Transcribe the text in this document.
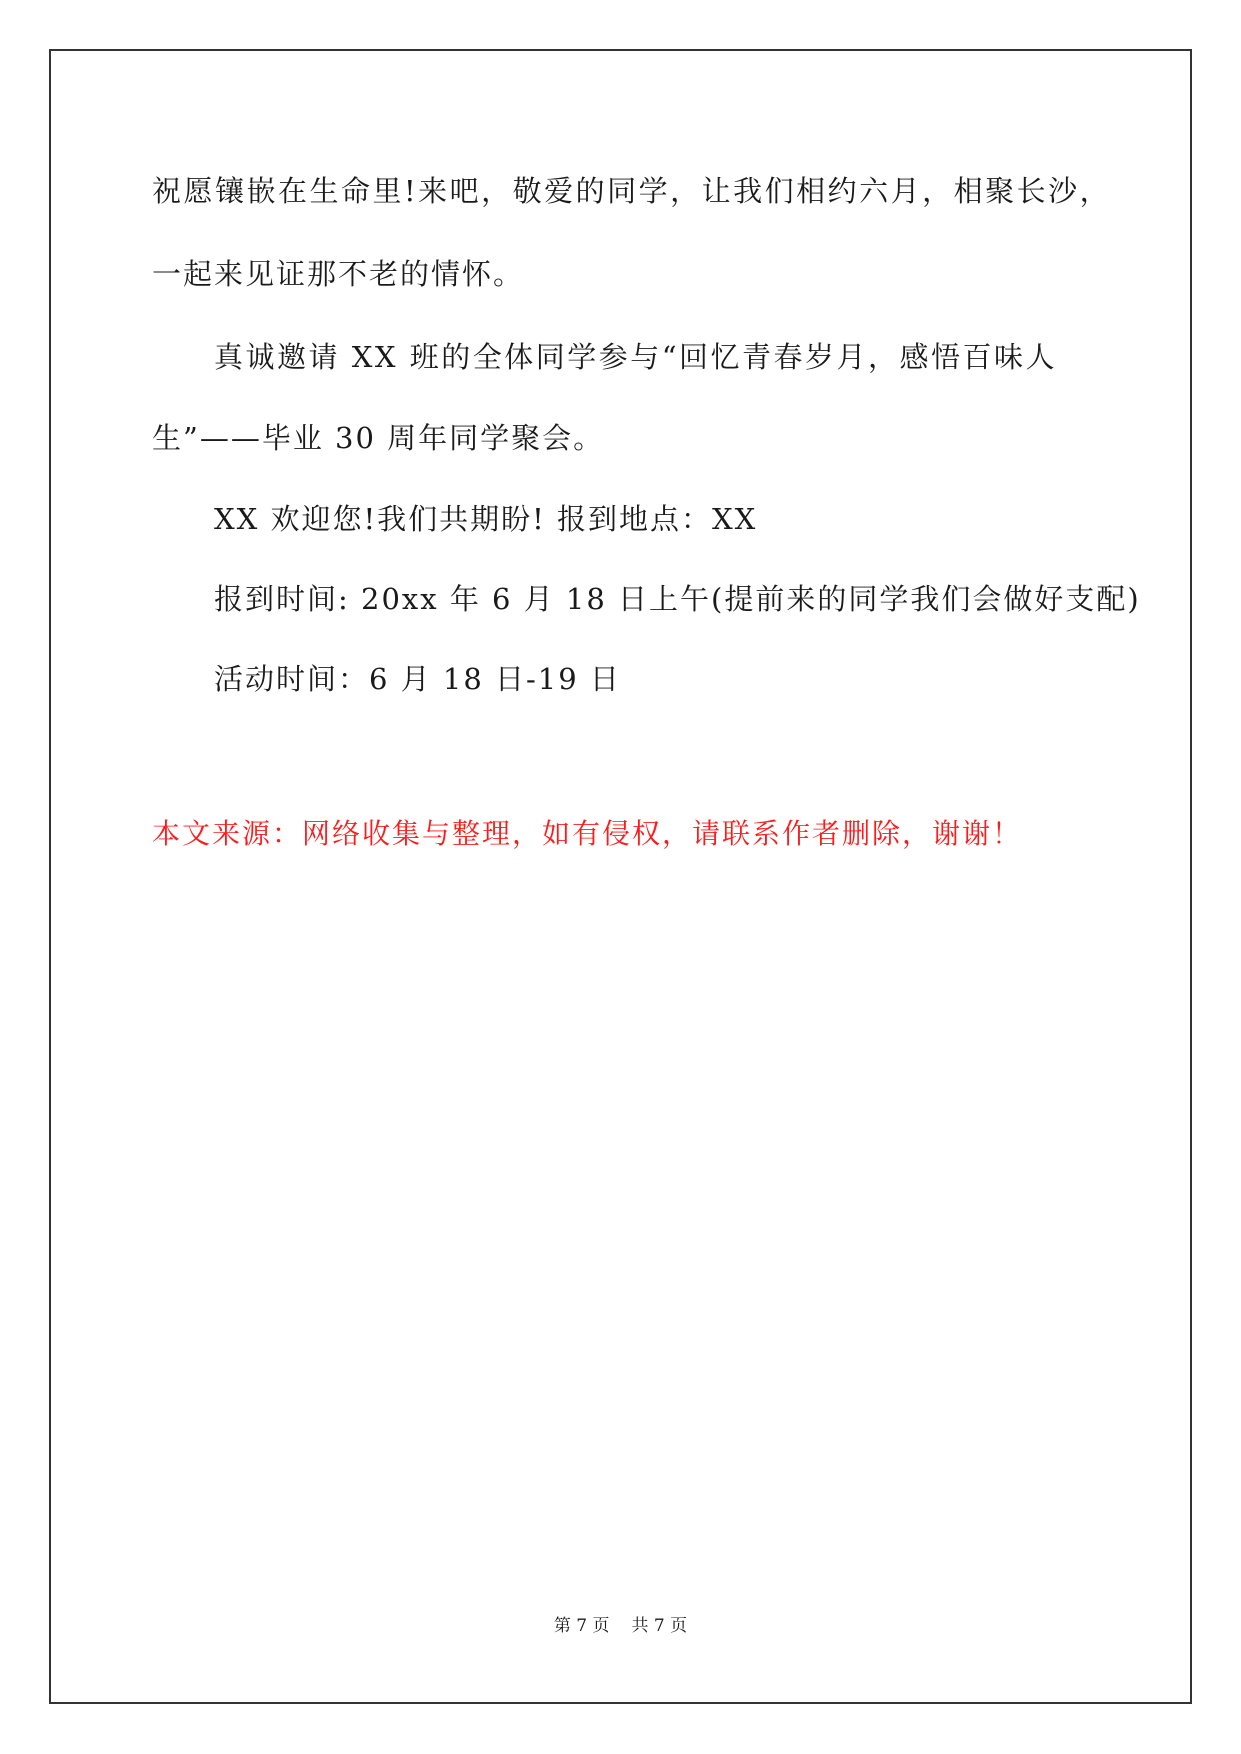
祝愿镶嵌在生命里!来吧，敬爱的同学，让我们相约六月，相聚长沙，
一起来见证那不老的情怀。
真诚邀请 XX 班的全体同学参与“回忆青春岁月，感悟百味人
生”——毕业 30 周年同学聚会。
XX 欢迎您!我们共期盼! 报到地点：XX
报到时间: 20xx 年 6 月 18 日上午(提前来的同学我们会做好支配)
活动时间：6 月 18 日-19 日
本文来源：网络收集与整理，如有侵权，请联系作者删除，谢谢！
第 7 页 共 7 页
